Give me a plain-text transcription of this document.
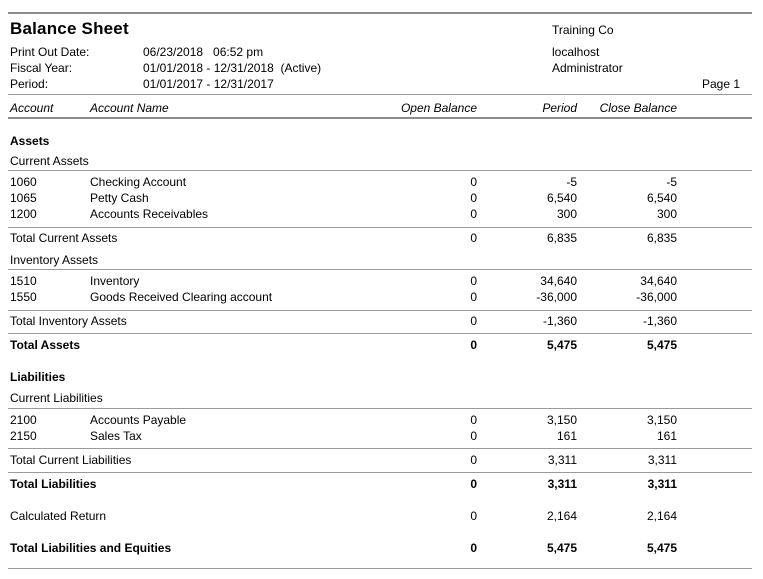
Balance Sheet	Training Co
localhost
Administrator
Page 1
Print Out Date:	06/23/2018   06:52 pm
Fiscal Year:	01/01/2018 - 12/31/2018  (Active)
Period:	01/01/2017 - 12/31/2017
Account	Account Name	Open Balance	Period	Close Balance
Assets
Current Assets
1060	Checking Account	0	-5	-5
1065	Petty Cash	0	6,540	6,540
1200	Accounts Receivables	0	300	300
Total Current Assets	0	6,835	6,835
Inventory Assets
1510	Inventory	0	34,640	34,640
1550	Goods Received Clearing account	0	-36,000	-36,000
Total Inventory Assets	0	-1,360	-1,360
Total Assets	0	5,475	5,475
Liabilities
Current Liabilities
2100	Accounts Payable	0	3,150	3,150
2150	Sales Tax	0	161	161
Total Current Liabilities	0	3,311	3,311
Total Liabilities	0	3,311	3,311
Calculated Return	0	2,164	2,164
Total Liabilities and Equities	0	5,475	5,475
